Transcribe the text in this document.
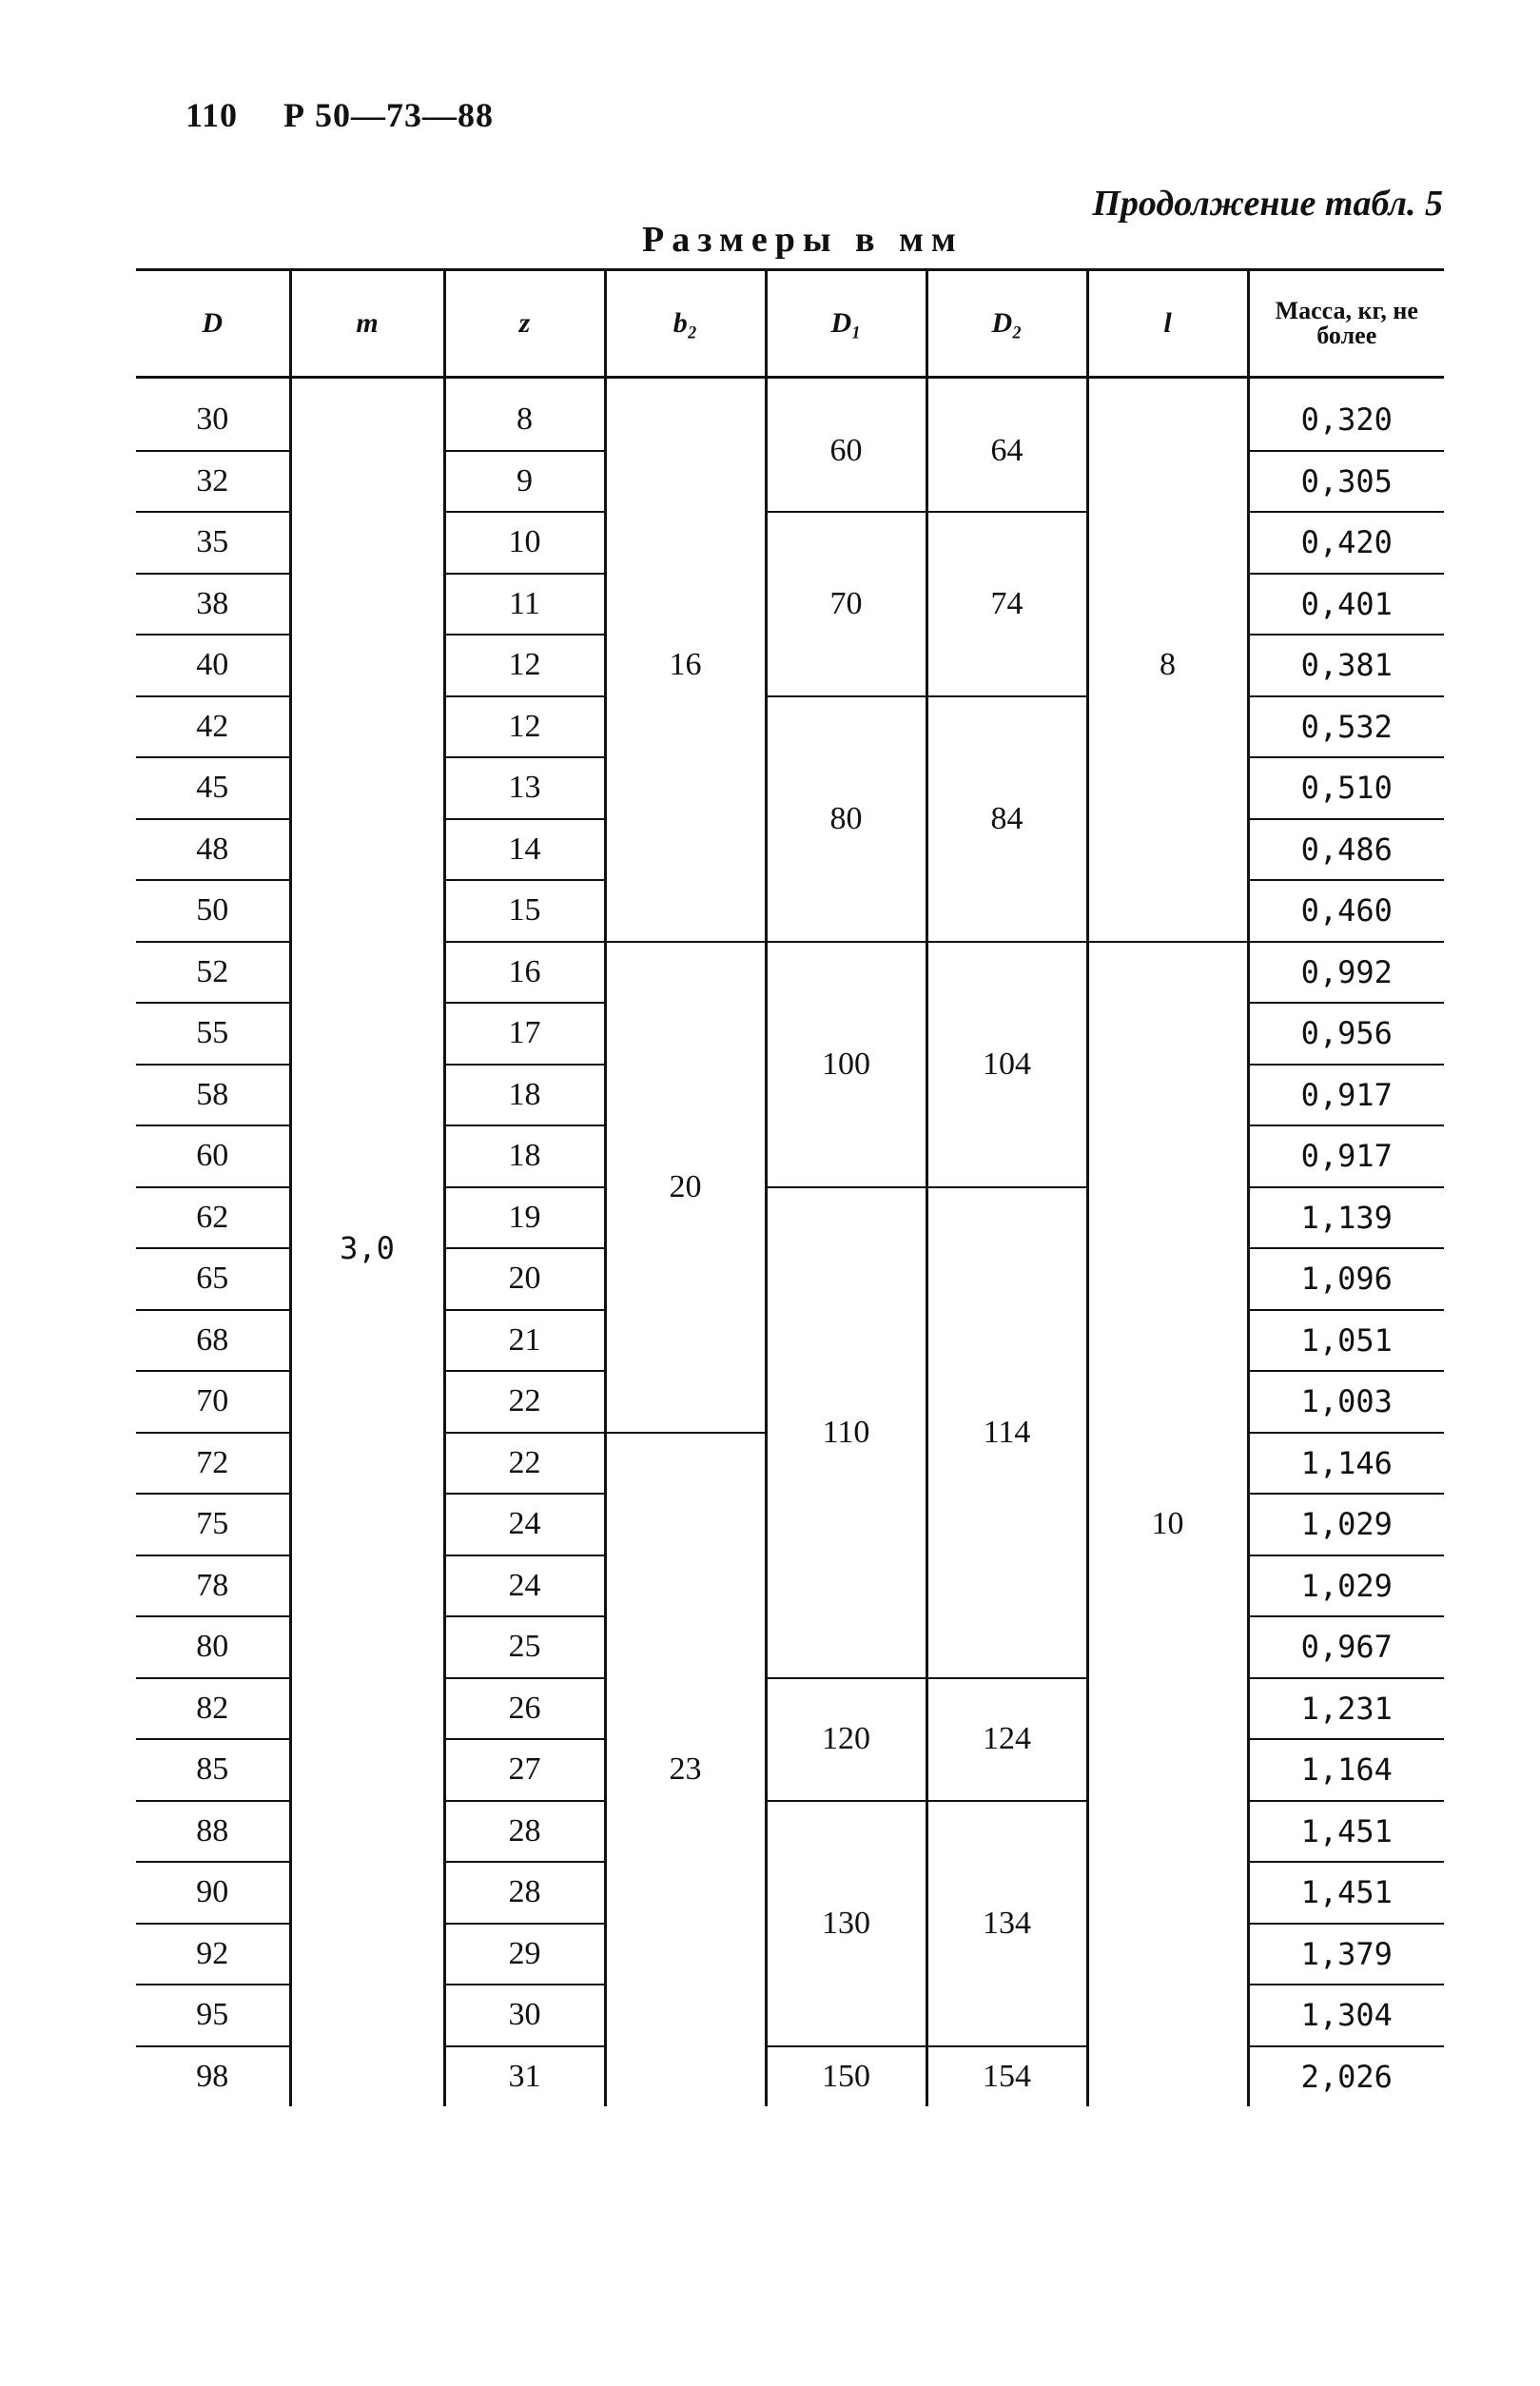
110 Р 50—73—88
Продолжение табл. 5
Размеры в мм
D	m	z	b₂	D₁	D₂	l	Масса, кг, не более

30	3,0	8	16	60	64	8	0,320
32		9					0,305
35		10		70	74		0,420
38		11					0,401
40		12					0,381
42		12		80	84		0,532
45		13					0,510
48		14					0,486
50		15					0,460
52		16	20	100	104	10	0,992
55		17					0,956
58		18					0,917
60		18					0,917
62		19		110	114		1,139
65		20					1,096
68		21					1,051
70		22					1,003
72		22	23				1,146
75		24					1,029
78		24					1,029
80		25					0,967
82		26		120	124		1,231
85		27					1,164
88		28		130	134		1,451
90		28					1,451
92		29					1,379
95		30					1,304
98		31		150	154		2,026
